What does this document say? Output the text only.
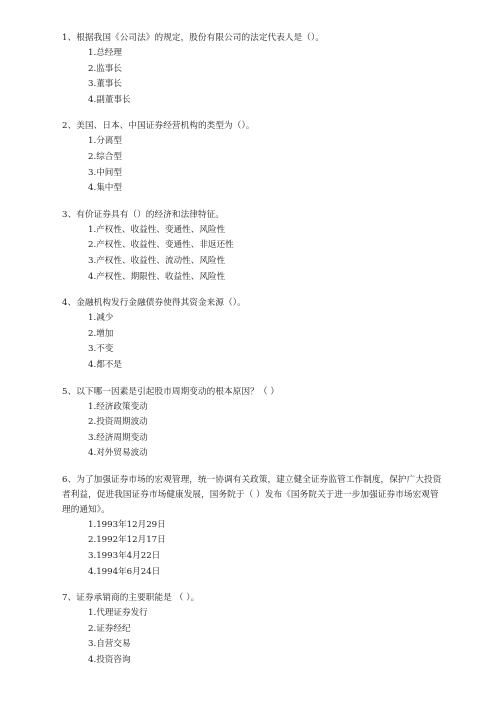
1、根据我国《公司法》的规定，股份有限公司的法定代表人是（）。

1.总经理
2.监事长
3.董事长
4.副董事长

2、美国、日本、中国证券经营机构的类型为（）。

1.分离型
2.综合型
3.中间型
4.集中型

3、有价证券具有（）的经济和法律特征。

1.产权性、收益性、变通性、风险性
2.产权性、收益性、变通性、非返还性
3.产权性、收益性、流动性、风险性
4.产权性、期限性、收益性、风险性

4、金融机构发行金融债券使得其资金来源（）。

1.减少
2.增加
3.不变
4.都不是

5、以下哪一因素是引起股市周期变动的根本原因？（ ）

1.经济政策变动
2.投资周期波动
3.经济周期变动
4.对外贸易波动

6、为了加强证券市场的宏观管理，统一协调有关政策，建立健全证券监管工作制度，保护广大投资者利益，促进我国证券市场健康发展，国务院于（ ）发布《国务院关于进一步加强证券市场宏观管理的通知》。

1.1993年12月29日
2.1992年12月17日
3.1993年4月22日
4.1994年6月24日

7、证券承销商的主要职能是 （ ）。

1.代理证券发行
2.证券经纪
3.自营交易
4.投资咨询
